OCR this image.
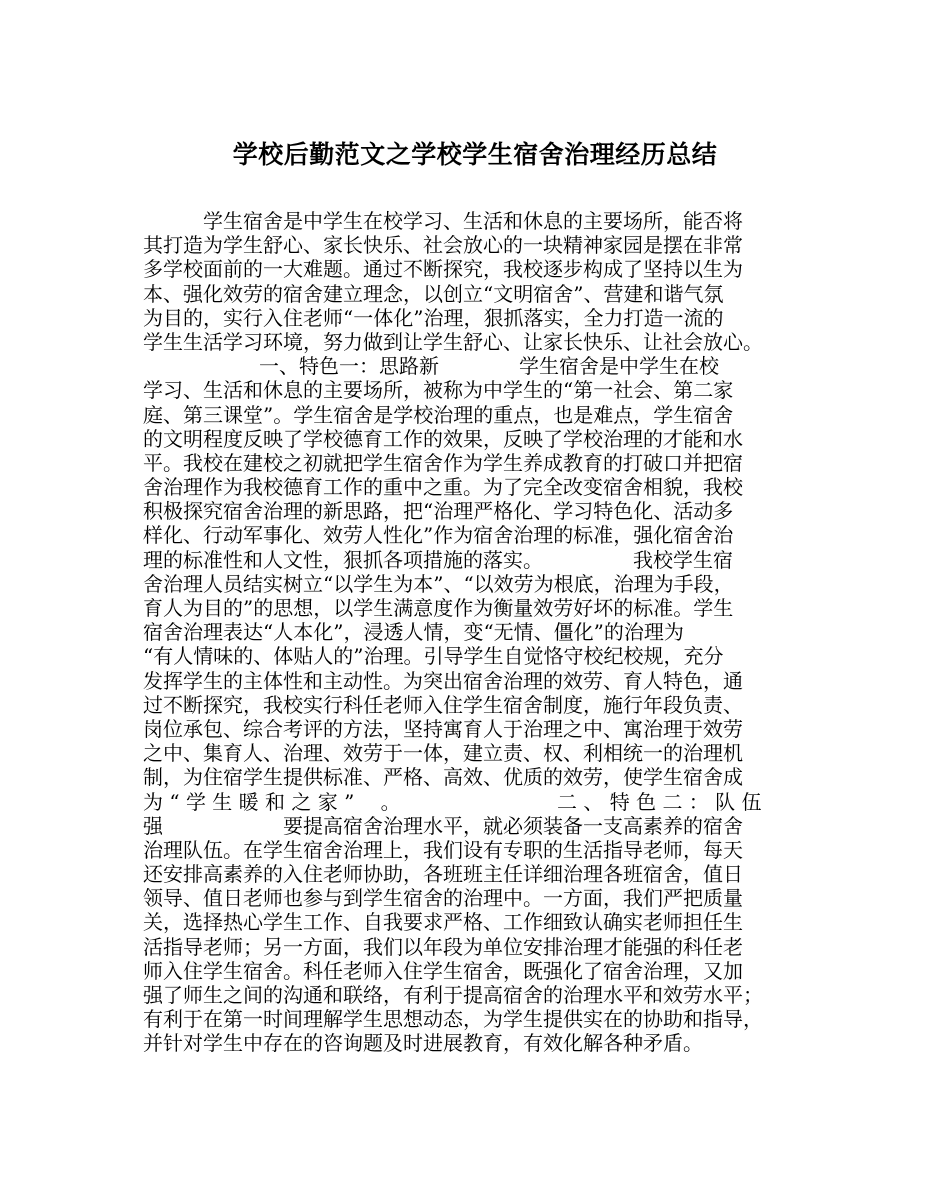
学校后勤范文之学校学生宿舍治理经历总结
学生宿舍是中学生在校学习、生活和休息的主要场所，能否将
其打造为学生舒心、家长快乐、社会放心的一块精神家园是摆在非常
多学校面前的一大难题。通过不断探究，我校逐步构成了坚持以生为
本、强化效劳的宿舍建立理念，以创立“文明宿舍”、营建和谐气氛
为目的，实行入住老师“一体化”治理，狠抓落实，全力打造一流的
学生生活学习环境，努力做到让学生舒心、让家长快乐、让社会放心。
一、特色一：思路新　　　　学生宿舍是中学生在校
学习、生活和休息的主要场所，被称为中学生的“第一社会、第二家
庭、第三课堂”。学生宿舍是学校治理的重点，也是难点，学生宿舍
的文明程度反映了学校德育工作的效果，反映了学校治理的才能和水
平。我校在建校之初就把学生宿舍作为学生养成教育的打破口并把宿
舍治理作为我校德育工作的重中之重。为了完全改变宿舍相貌，我校
积极探究宿舍治理的新思路，把“治理严格化、学习特色化、活动多
样化、行动军事化、效劳人性化”作为宿舍治理的标准，强化宿舍治
理的标准性和人文性，狠抓各项措施的落实。　　　　　我校学生宿
舍治理人员结实树立“以学生为本”、“以效劳为根底，治理为手段，
育人为目的”的思想，以学生满意度作为衡量效劳好坏的标准。学生
宿舍治理表达“人本化”，浸透人情，变“无情、僵化”的治理为
“有人情味的、体贴人的”治理。引导学生自觉恪守校纪校规，充分
发挥学生的主体性和主动性。为突出宿舍治理的效劳、育人特色，通
过不断探究，我校实行科任老师入住学生宿舍制度，施行年段负责、
岗位承包、综合考评的方法，坚持寓育人于治理之中、寓治理于效劳
之中、集育人、治理、效劳于一体，建立责、权、利相统一的治理机
制，为住宿学生提供标准、严格、高效、优质的效劳，使学生宿舍成
为 “ 学 生 暖 和 之 家 ”　 。　　　　　　　　 二 、 特 色 二 ： 队 伍
强　　　　　　要提高宿舍治理水平，就必须装备一支高素养的宿舍
治理队伍。在学生宿舍治理上，我们设有专职的生活指导老师，每天
还安排高素养的入住老师协助，各班班主任详细治理各班宿舍，值日
领导、值日老师也参与到学生宿舍的治理中。一方面，我们严把质量
关，选择热心学生工作、自我要求严格、工作细致认确实老师担任生
活指导老师；另一方面，我们以年段为单位安排治理才能强的科任老
师入住学生宿舍。科任老师入住学生宿舍，既强化了宿舍治理，又加
强了师生之间的沟通和联络，有利于提高宿舍的治理水平和效劳水平；
有利于在第一时间理解学生思想动态，为学生提供实在的协助和指导，
并针对学生中存在的咨询题及时进展教育，有效化解各种矛盾。
